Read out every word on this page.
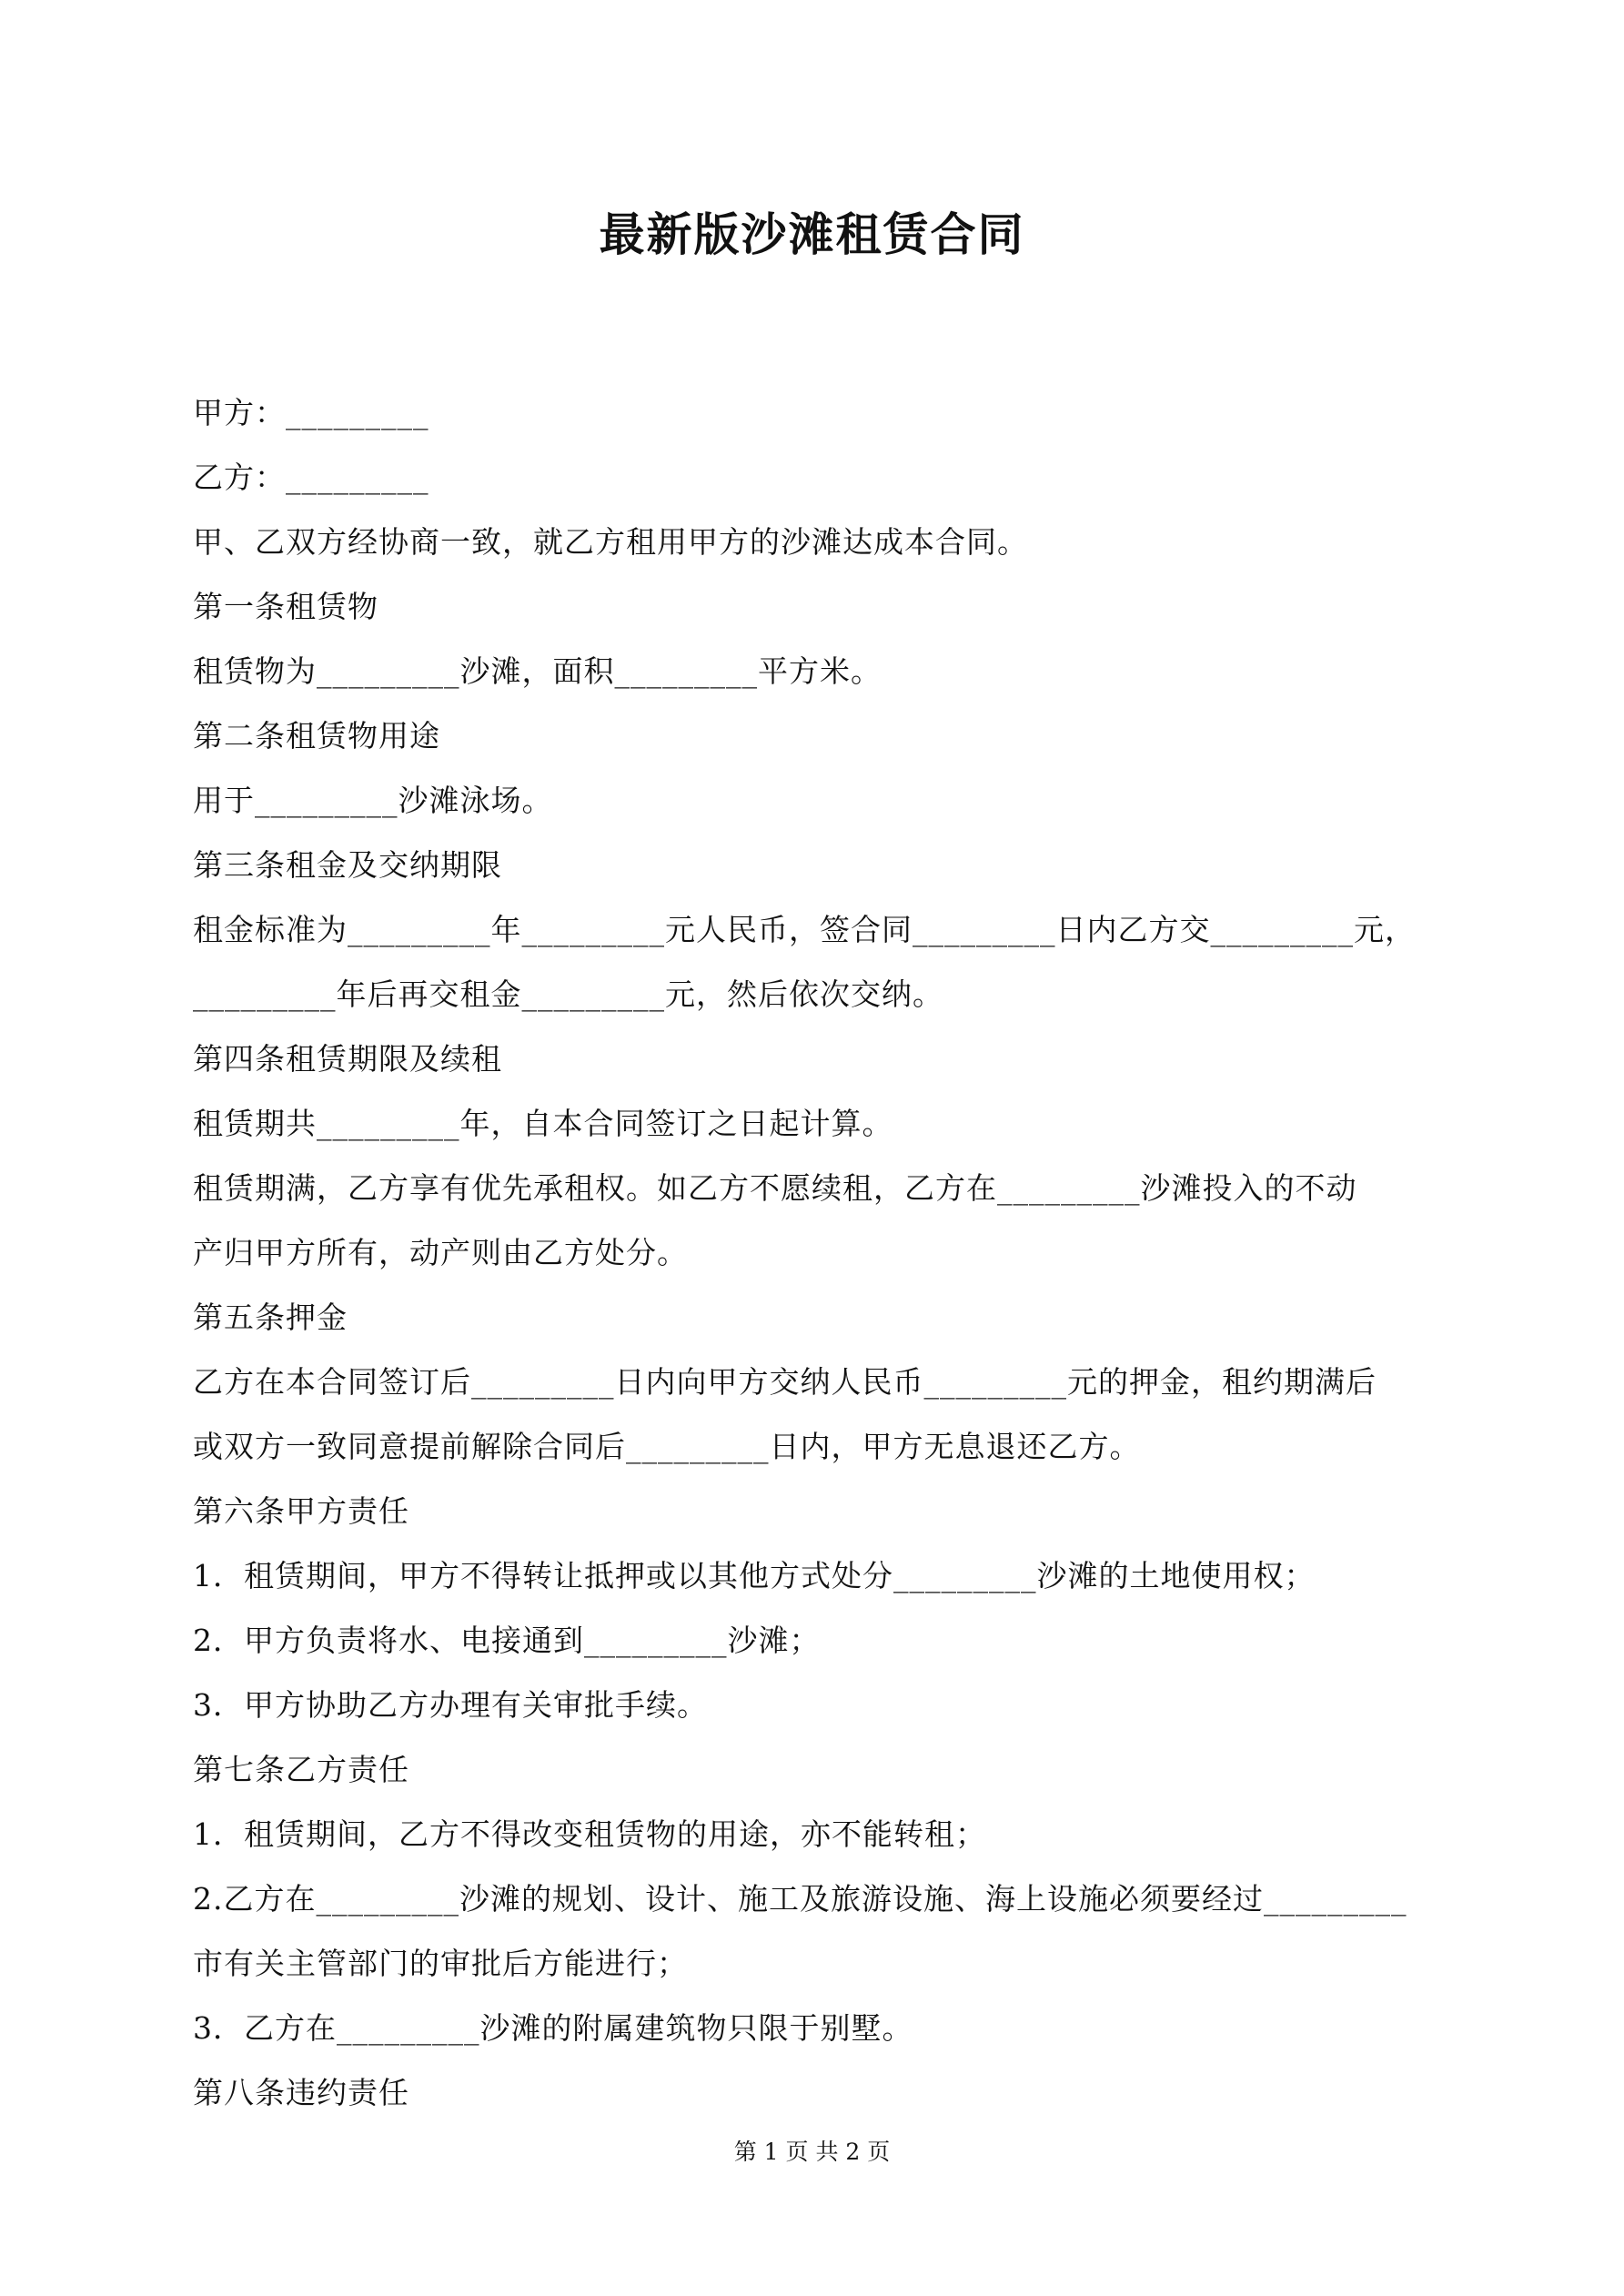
最新版沙滩租赁合同
甲方：_________
乙方：_________
甲、乙双方经协商一致，就乙方租用甲方的沙滩达成本合同。
第一条租赁物
租赁物为_________沙滩，面积_________平方米。
第二条租赁物用途
用于_________沙滩泳场。
第三条租金及交纳期限
租金标准为_________年_________元人民币，签合同_________日内乙方交_________元，
_________年后再交租金_________元，然后依次交纳。
第四条租赁期限及续租
租赁期共_________年，自本合同签订之日起计算。
租赁期满，乙方享有优先承租权。如乙方不愿续租，乙方在_________沙滩投入的不动
产归甲方所有，动产则由乙方处分。
第五条押金
乙方在本合同签订后_________日内向甲方交纳人民币_________元的押金，租约期满后
或双方一致同意提前解除合同后_________日内，甲方无息退还乙方。
第六条甲方责任
1．租赁期间，甲方不得转让抵押或以其他方式处分_________沙滩的土地使用权；
2．甲方负责将水、电接通到_________沙滩；
3．甲方协助乙方办理有关审批手续。
第七条乙方责任
1．租赁期间，乙方不得改变租赁物的用途，亦不能转租；
2.乙方在_________沙滩的规划、设计、施工及旅游设施、海上设施必须要经过_________
市有关主管部门的审批后方能进行；
3．乙方在_________沙滩的附属建筑物只限于别墅。
第八条违约责任
第 1 页 共 2 页
